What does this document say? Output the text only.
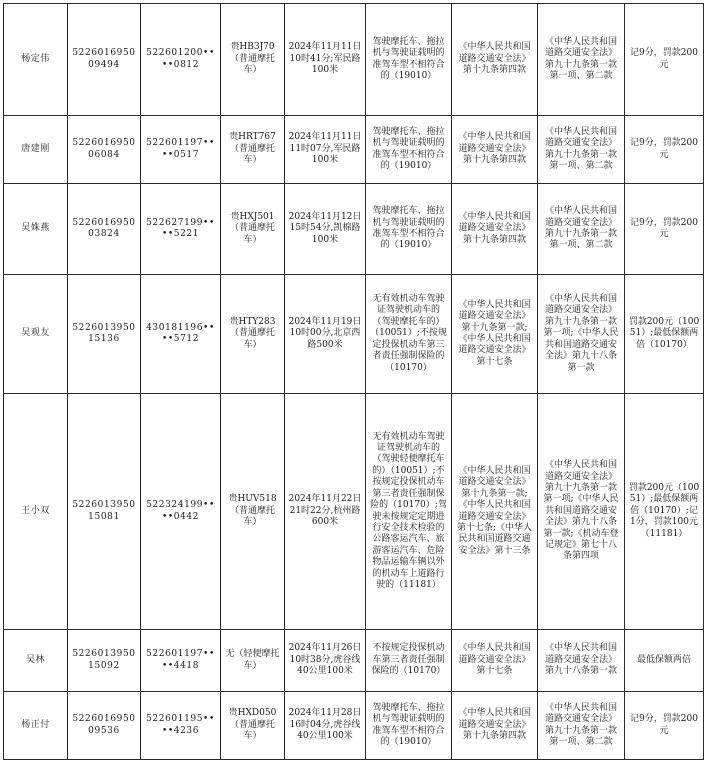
杨定伟	522601695009494	522601200••••0812	贵HB3J70（普通摩托车）	2024年11月11日10时41分;军民路100米	驾驶摩托车、拖拉机与驾驶证载明的准驾车型不相符合的（19010）	《中华人民共和国道路交通安全法》第十九条第四款	《中华人民共和国道路交通安全法》第九十九条第一款第一项、第二款	记9分，罚款200元
唐建刚	522601695006084	522601197••••0517	贵HRT767（普通摩托车）	2024年11月11日11时07分,军民路100米	驾驶摩托车、拖拉机与驾驶证载明的准驾车型不相符合的（19010）	《中华人民共和国道路交通安全法》第十九条第四款	《中华人民共和国道路交通安全法》第九十九条第一款第一项、第二款	记9分，罚款200元
吴姝燕	522601695003824	522627199••••5221	贵HXJ501（普通摩托车）	2024年11月12日15时54分,凯棉路100米	驾驶摩托车、拖拉机与驾驶证载明的准驾车型不相符合的（19010）	《中华人民共和国道路交通安全法》第十九条第四款	《中华人民共和国道路交通安全法》第九十九条第一款第一项、第二款	记9分，罚款200元
吴观友	522601395015136	430181196••••5712	贵HTY283（普通摩托车）	2024年11月19日10时00分,北京西路500米	无有效机动车驾驶证驾驶机动车的（驾驶摩托车的）（10051）;不按规定投保机动车第三者责任强制保险的（10170）	《中华人民共和国道路交通安全法》第十九条第一款;《中华人民共和国道路交通安全法》第十七条	《中华人民共和国道路交通安全法》第九十九条第一款第一项;《中华人民共和国道路交通安全法》第九十八条第一款	罚款200元（10051）;最低保额两倍（10170）
王小双	522601395015081	522324199••••0442	贵HUV518（普通摩托车）	2024年11月22日21时22分,杭州路600米	无有效机动车驾驶证驾驶机动车的（驾驶轻便摩托车的）（10051）;不按规定投保机动车第三者责任强制保险的（10170）;驾驶未按规定定期进行安全技术检验的公路客运汽车、旅游客运汽车、危险物品运输车辆以外的机动车上道路行驶的（11181）	《中华人民共和国道路交通安全法》第十九条第一款;《中华人民共和国道路交通安全法》第十七条;《中华人民共和国道路交通安全法》第十三条	《中华人民共和国道路交通安全法》第九十九条第一款第一项;《中华人民共和国道路交通安全法》第九十八条第一款;《机动车登记规定》第七十八条第四项	罚款200元（10051）;最低保额两倍（10170）;记1分，罚款100元（11181）
吴林	522601395015092	522601197••••4418	无（轻便摩托车）	2024年11月26日10时38分,虎谷线40公里100米	不按规定投保机动车第三者责任强制保险的（10170）	《中华人民共和国道路交通安全法》第十七条	《中华人民共和国道路交通安全法》第九十八条第一款	最低保额两倍
杨正付	522601695009536	522601195••••4236	贵HXD050（普通摩托车）	2024年11月28日16时04分,虎谷线40公里100米	驾驶摩托车、拖拉机与驾驶证载明的准驾车型不相符合的（19010）	《中华人民共和国道路交通安全法》第十九条第四款	《中华人民共和国道路交通安全法》第九十九条第一款第一项、第二款	记9分，罚款200元
